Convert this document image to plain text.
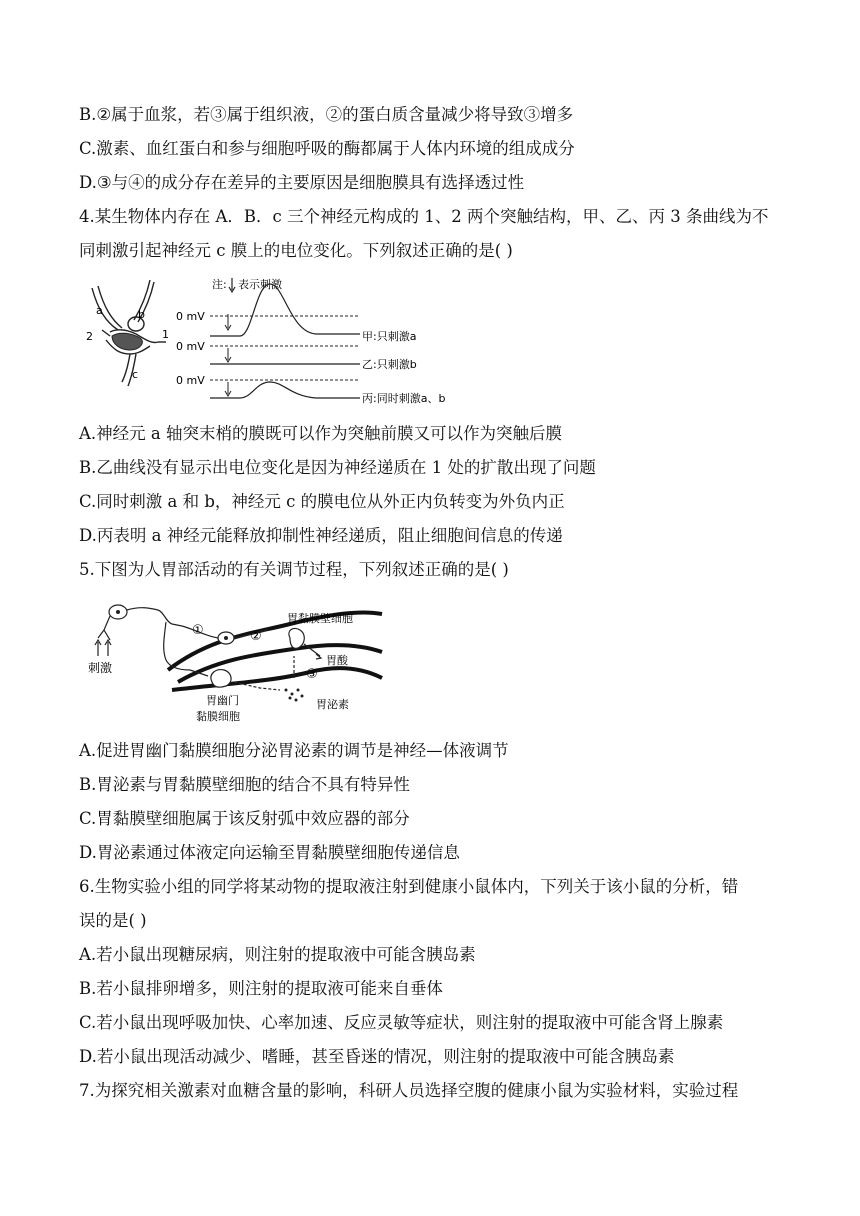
B.②属于血浆，若③属于组织液，②的蛋白质含量减少将导致③增多
C.激素、血红蛋白和参与细胞呼吸的酶都属于人体内环境的组成成分
D.③与④的成分存在差异的主要原因是细胞膜具有选择透过性
4.某生物体内存在 A．B．c 三个神经元构成的 1、2 两个突触结构，甲、乙、丙 3 条曲线为不
同刺激引起神经元 c 膜上的电位变化。下列叙述正确的是( )
a	b
c
1
2
注: 表示刺激
0 mV
甲:只刺激a
0 mV
乙:只刺激b
0 mV
丙:同时刺激a、b
A.神经元 a 轴突末梢的膜既可以作为突触前膜又可以作为突触后膜
B.乙曲线没有显示出电位变化是因为神经递质在 1 处的扩散出现了问题
C.同时刺激 a 和 b，神经元 c 的膜电位从外正内负转变为外负内正
D.丙表明 a 神经元能释放抑制性神经递质，阻止细胞间信息的传递
5.下图为人胃部活动的有关调节过程，下列叙述正确的是( )
胃黏膜壁细胞
胃酸
胃泌素
①	②
③
刺激
胃幽门
黏膜细胞
A.促进胃幽门黏膜细胞分泌胃泌素的调节是神经—体液调节
B.胃泌素与胃黏膜壁细胞的结合不具有特异性
C.胃黏膜壁细胞属于该反射弧中效应器的部分
D.胃泌素通过体液定向运输至胃黏膜壁细胞传递信息
6.生物实验小组的同学将某动物的提取液注射到健康小鼠体内，下列关于该小鼠的分析，错
误的是( )
A.若小鼠出现糖尿病，则注射的提取液中可能含胰岛素
B.若小鼠排卵增多，则注射的提取液可能来自垂体
C.若小鼠出现呼吸加快、心率加速、反应灵敏等症状，则注射的提取液中可能含肾上腺素
D.若小鼠出现活动减少、嗜睡，甚至昏迷的情况，则注射的提取液中可能含胰岛素
7.为探究相关激素对血糖含量的影响，科研人员选择空腹的健康小鼠为实验材料，实验过程
